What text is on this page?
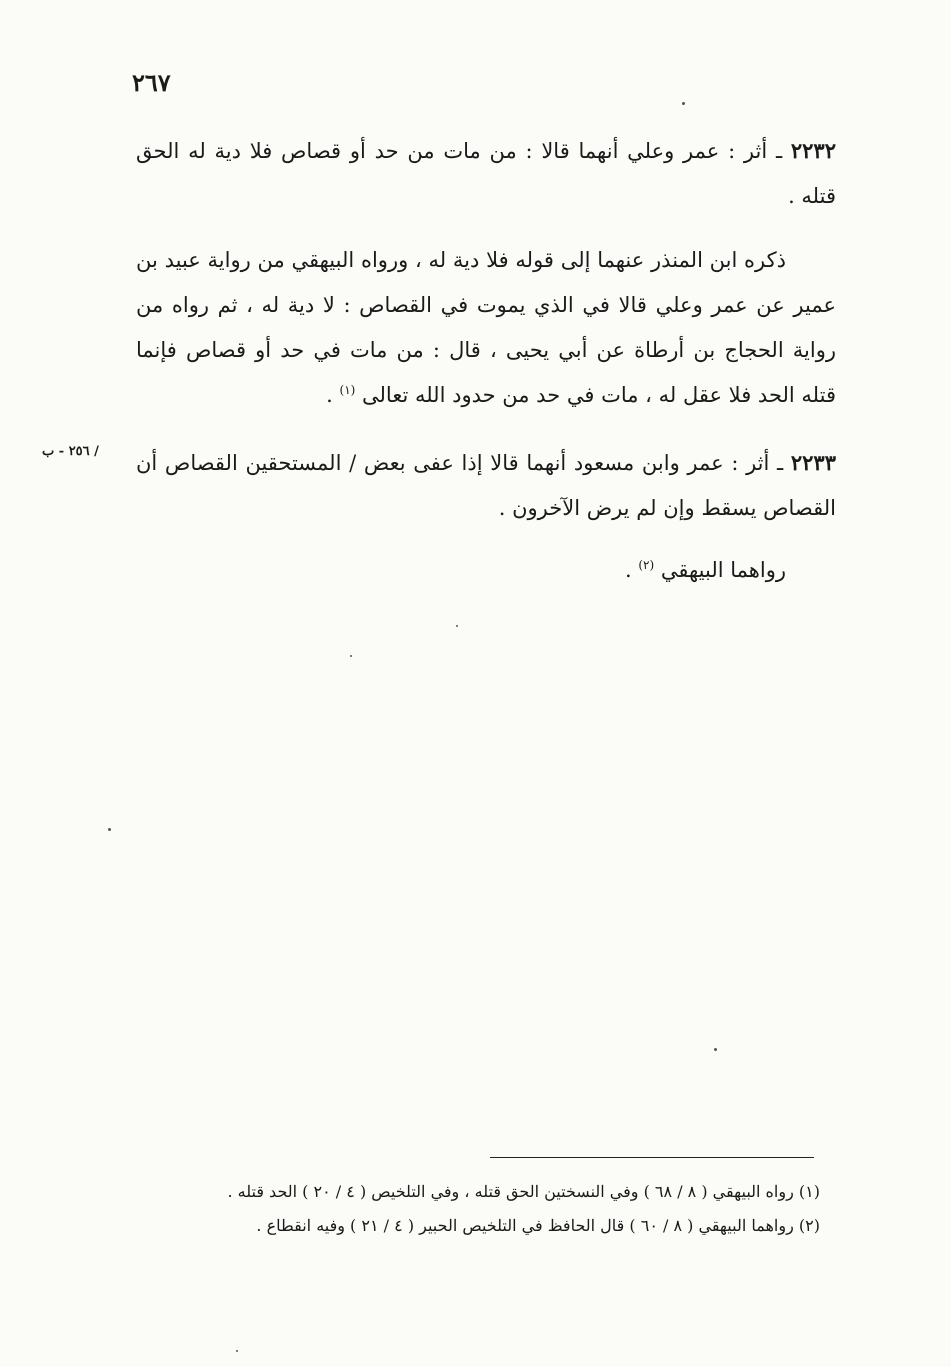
٢٦٧

٢٢٣٢ ـ أثر : عمر وعلي أنهما قالا : من مات من حد أو قصاص فلا دية له الحق قتله .

ذكره ابن المنذر عنهما إلى قوله فلا دية له ، ورواه البيهقي من رواية عبيد بن عمير عن عمر وعلي قالا في الذي يموت في القصاص : لا دية له ، ثم رواه من رواية الحجاج بن أرطاة عن أبي يحيى ، قال : من مات في حد أو قصاص فإنما قتله الحد فلا عقل له ، مات في حد من حدود الله تعالى $^{(١)}$ .

٢٢٣٣ ـ أثر : عمر وابن مسعود أنهما قالا إذا عفى بعض / المستحقين القصاص أن القصاص يسقط وإن لم يرض الآخرون .

/ ٢٥٦ - ب

رواهما البيهقي $^{(٢)}$ .

(١) رواه البيهقي ( ٨ / ٦٨ ) وفي النسختين الحق قتله ، وفي التلخيص ( ٤ / ٢٠ ) الحد قتله .

(٢) رواهما البيهقي ( ٨ / ٦٠ ) قال الحافظ في التلخيص الحبير ( ٤ / ٢١ ) وفيه انقطاع .
